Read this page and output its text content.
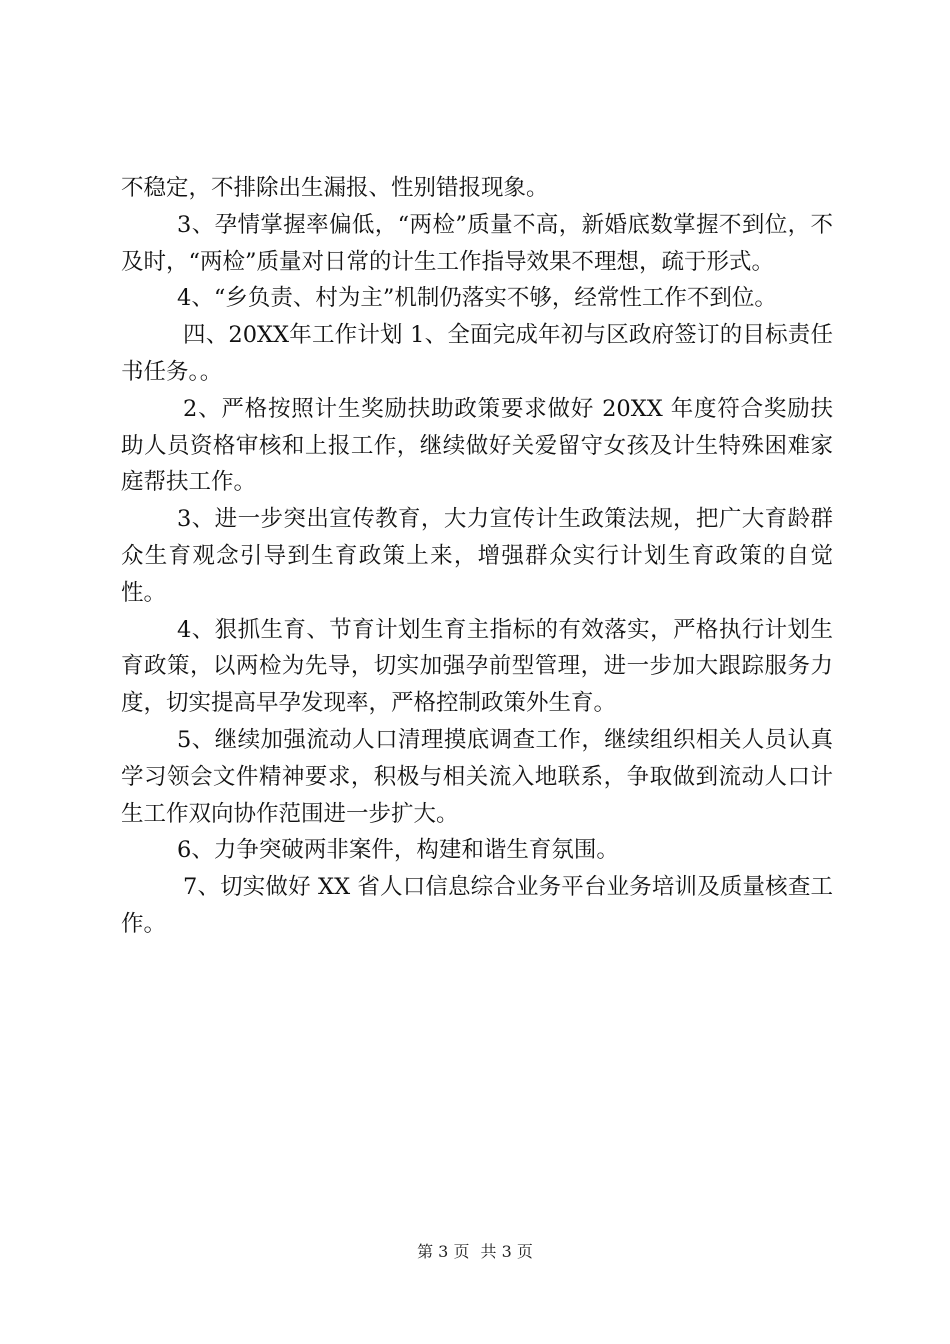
不稳定，不排除出生漏报、性别错报现象。

3、孕情掌握率偏低，“两检”质量不高，新婚底数掌握不到位，不及时，“两检”质量对日常的计生工作指导效果不理想，疏于形式。

4、“乡负责、村为主”机制仍落实不够，经常性工作不到位。

四、20XX年工作计划 1、全面完成年初与区政府签订的目标责任书任务。。

2、严格按照计生奖励扶助政策要求做好 20XX 年度符合奖励扶助人员资格审核和上报工作，继续做好关爱留守女孩及计生特殊困难家庭帮扶工作。

3、进一步突出宣传教育，大力宣传计生政策法规，把广大育龄群众生育观念引导到生育政策上来，增强群众实行计划生育政策的自觉性。

4、狠抓生育、节育计划生育主指标的有效落实，严格执行计划生育政策，以两检为先导，切实加强孕前型管理，进一步加大跟踪服务力度，切实提高早孕发现率，严格控制政策外生育。

5、继续加强流动人口清理摸底调查工作，继续组织相关人员认真学习领会文件精神要求，积极与相关流入地联系，争取做到流动人口计生工作双向协作范围进一步扩大。

6、力争突破两非案件，构建和谐生育氛围。

7、切实做好 XX 省人口信息综合业务平台业务培训及质量核查工作。

第 3 页 共 3 页
